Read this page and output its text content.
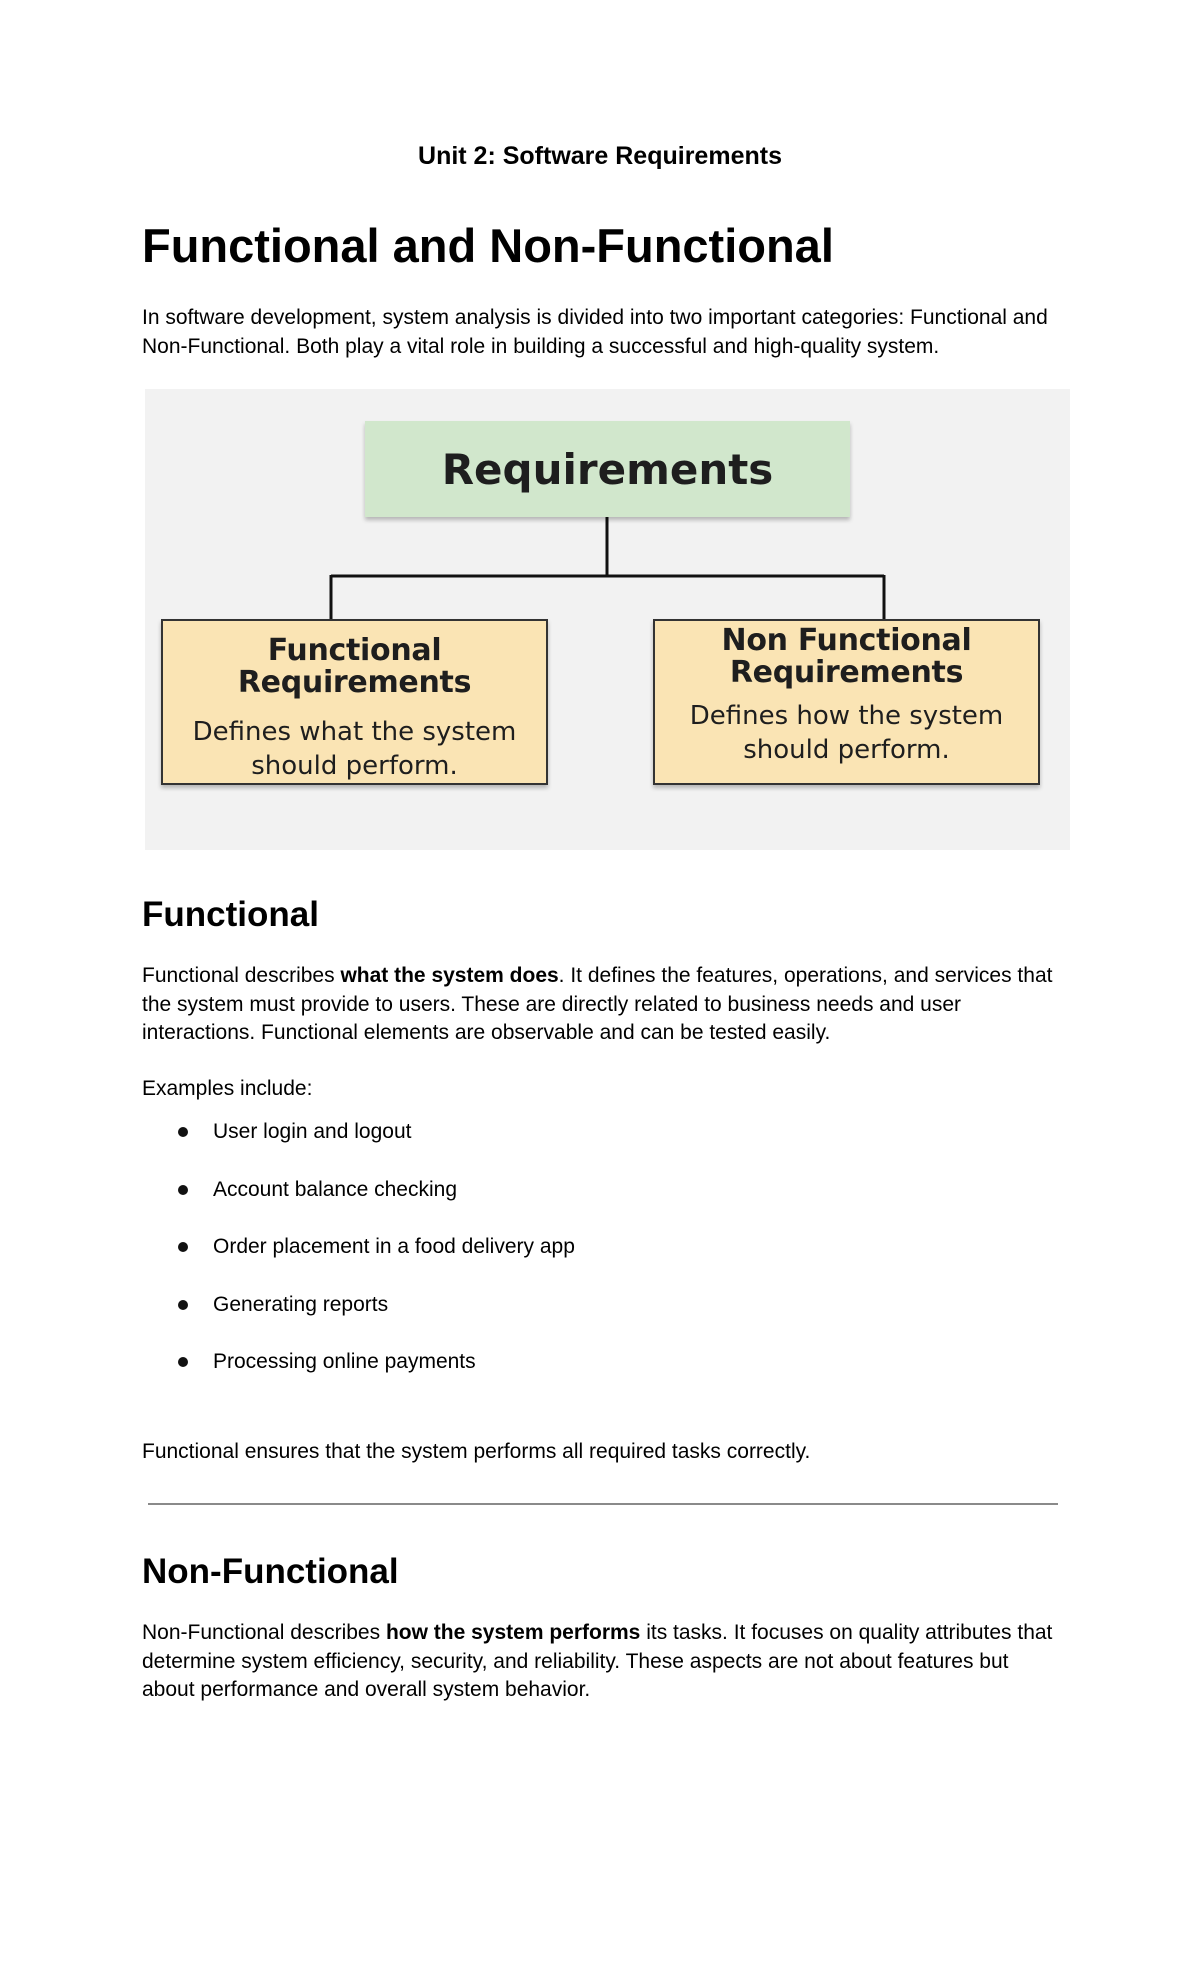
Unit 2: Software Requirements
Functional and Non-Functional

In software development, system analysis is divided into two important categories: Functional and Non-Functional. Both play a vital role in building a successful and high-quality system.

Requirements
Functional Requirements
Defines what the system
should perform.
Non Functional
Requirements
Defines how the system
should perform.
Functional

Functional describes what the system does. It defines the features, operations, and services that the system must provide to users. These are directly related to business needs and user interactions. Functional elements are observable and can be tested easily.

Examples include:

User login and logout
Account balance checking
Order placement in a food delivery app
Generating reports
Processing online payments

Functional ensures that the system performs all required tasks correctly.

Non-Functional

Non-Functional describes how the system performs its tasks. It focuses on quality attributes that determine system efficiency, security, and reliability. These aspects are not about features but about performance and overall system behavior.
